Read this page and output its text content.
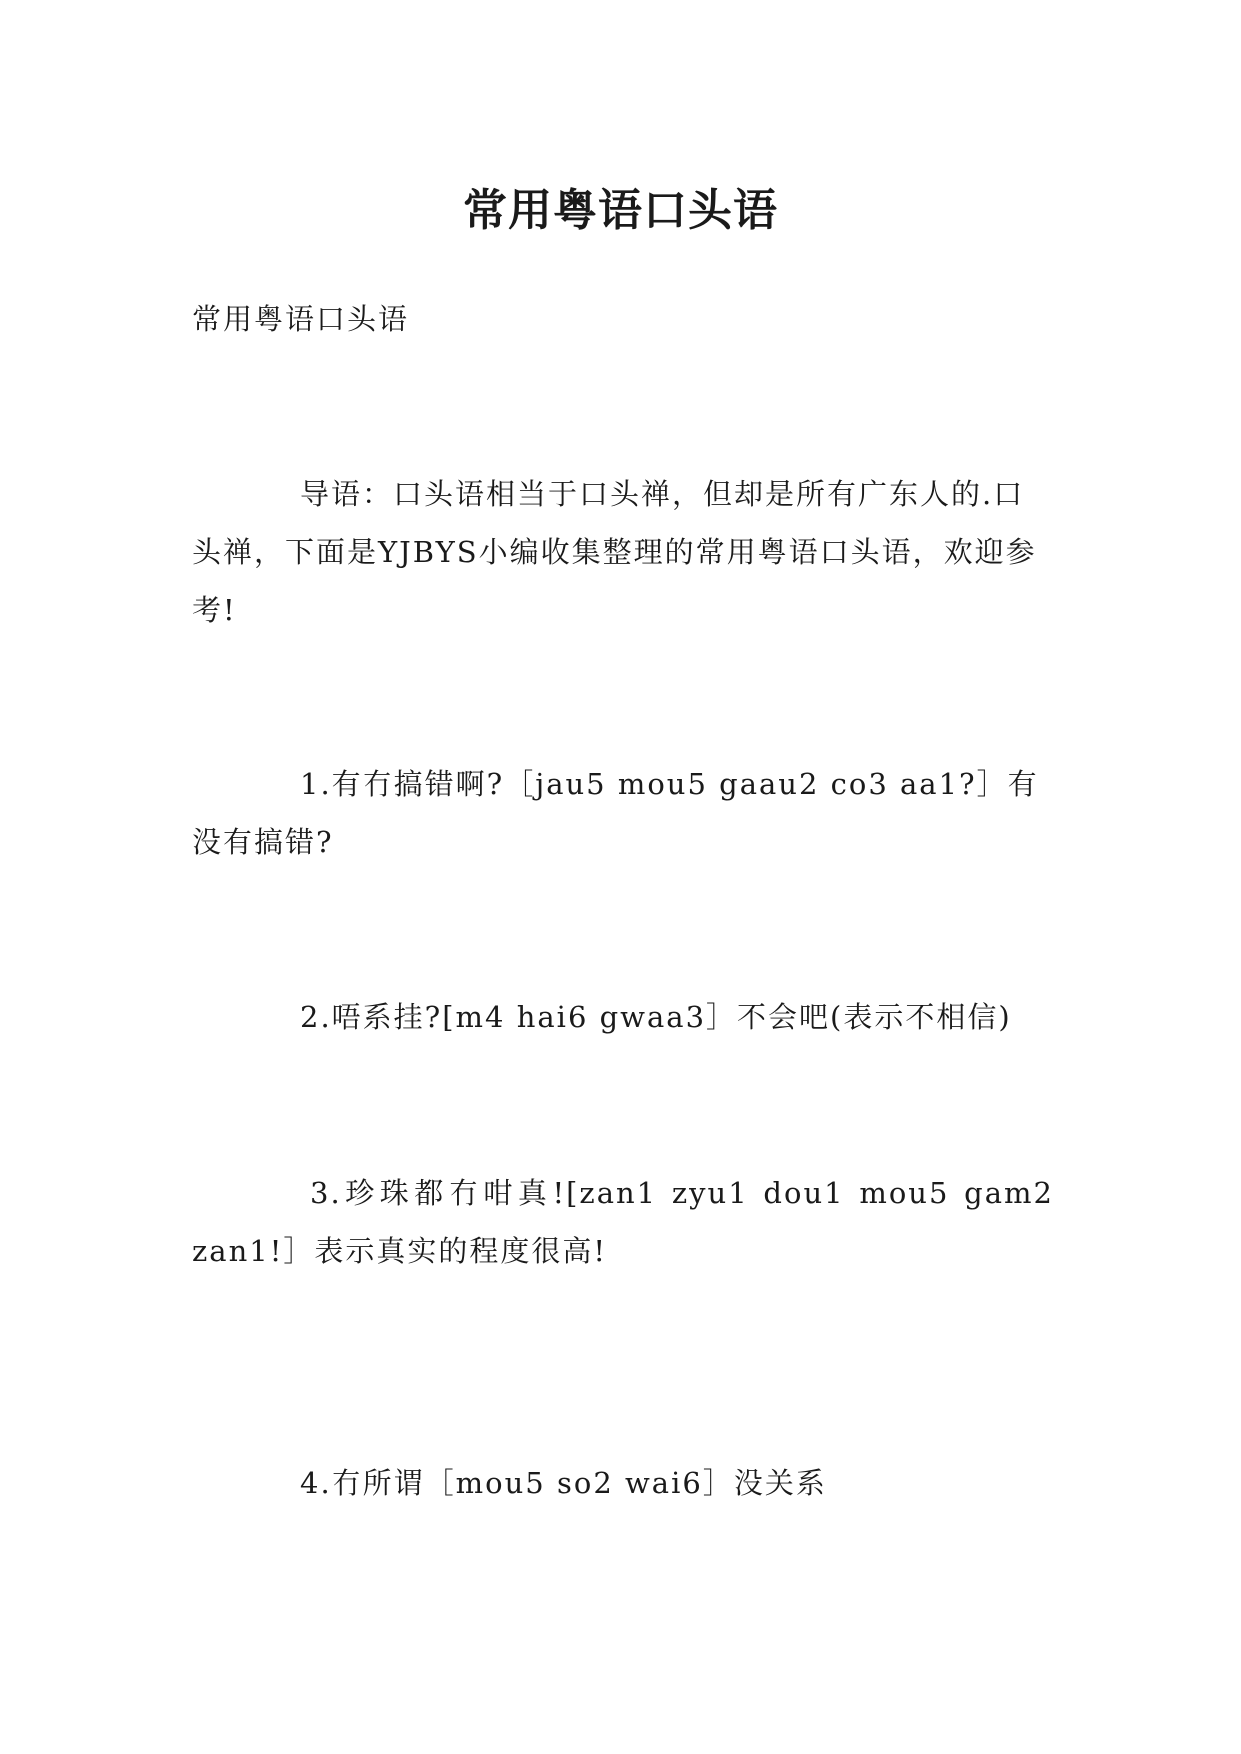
常用粤语口头语

常用粤语口头语

导语：口头语相当于口头禅，但却是所有广东人的.口头禅，下面是YJBYS小编收集整理的常用粤语口头语，欢迎参考!

1.有冇搞错啊?［jau5 mou5 gaau2 co3 aa1?］有没有搞错?

2.唔系挂?[m4 hai6 gwaa3］不会吧(表示不相信)

3.珍珠都冇咁真![zan1 zyu1 dou1 mou5 gam2 zan1!］表示真实的程度很高!

4.冇所谓［mou5 so2 wai6］没关系
